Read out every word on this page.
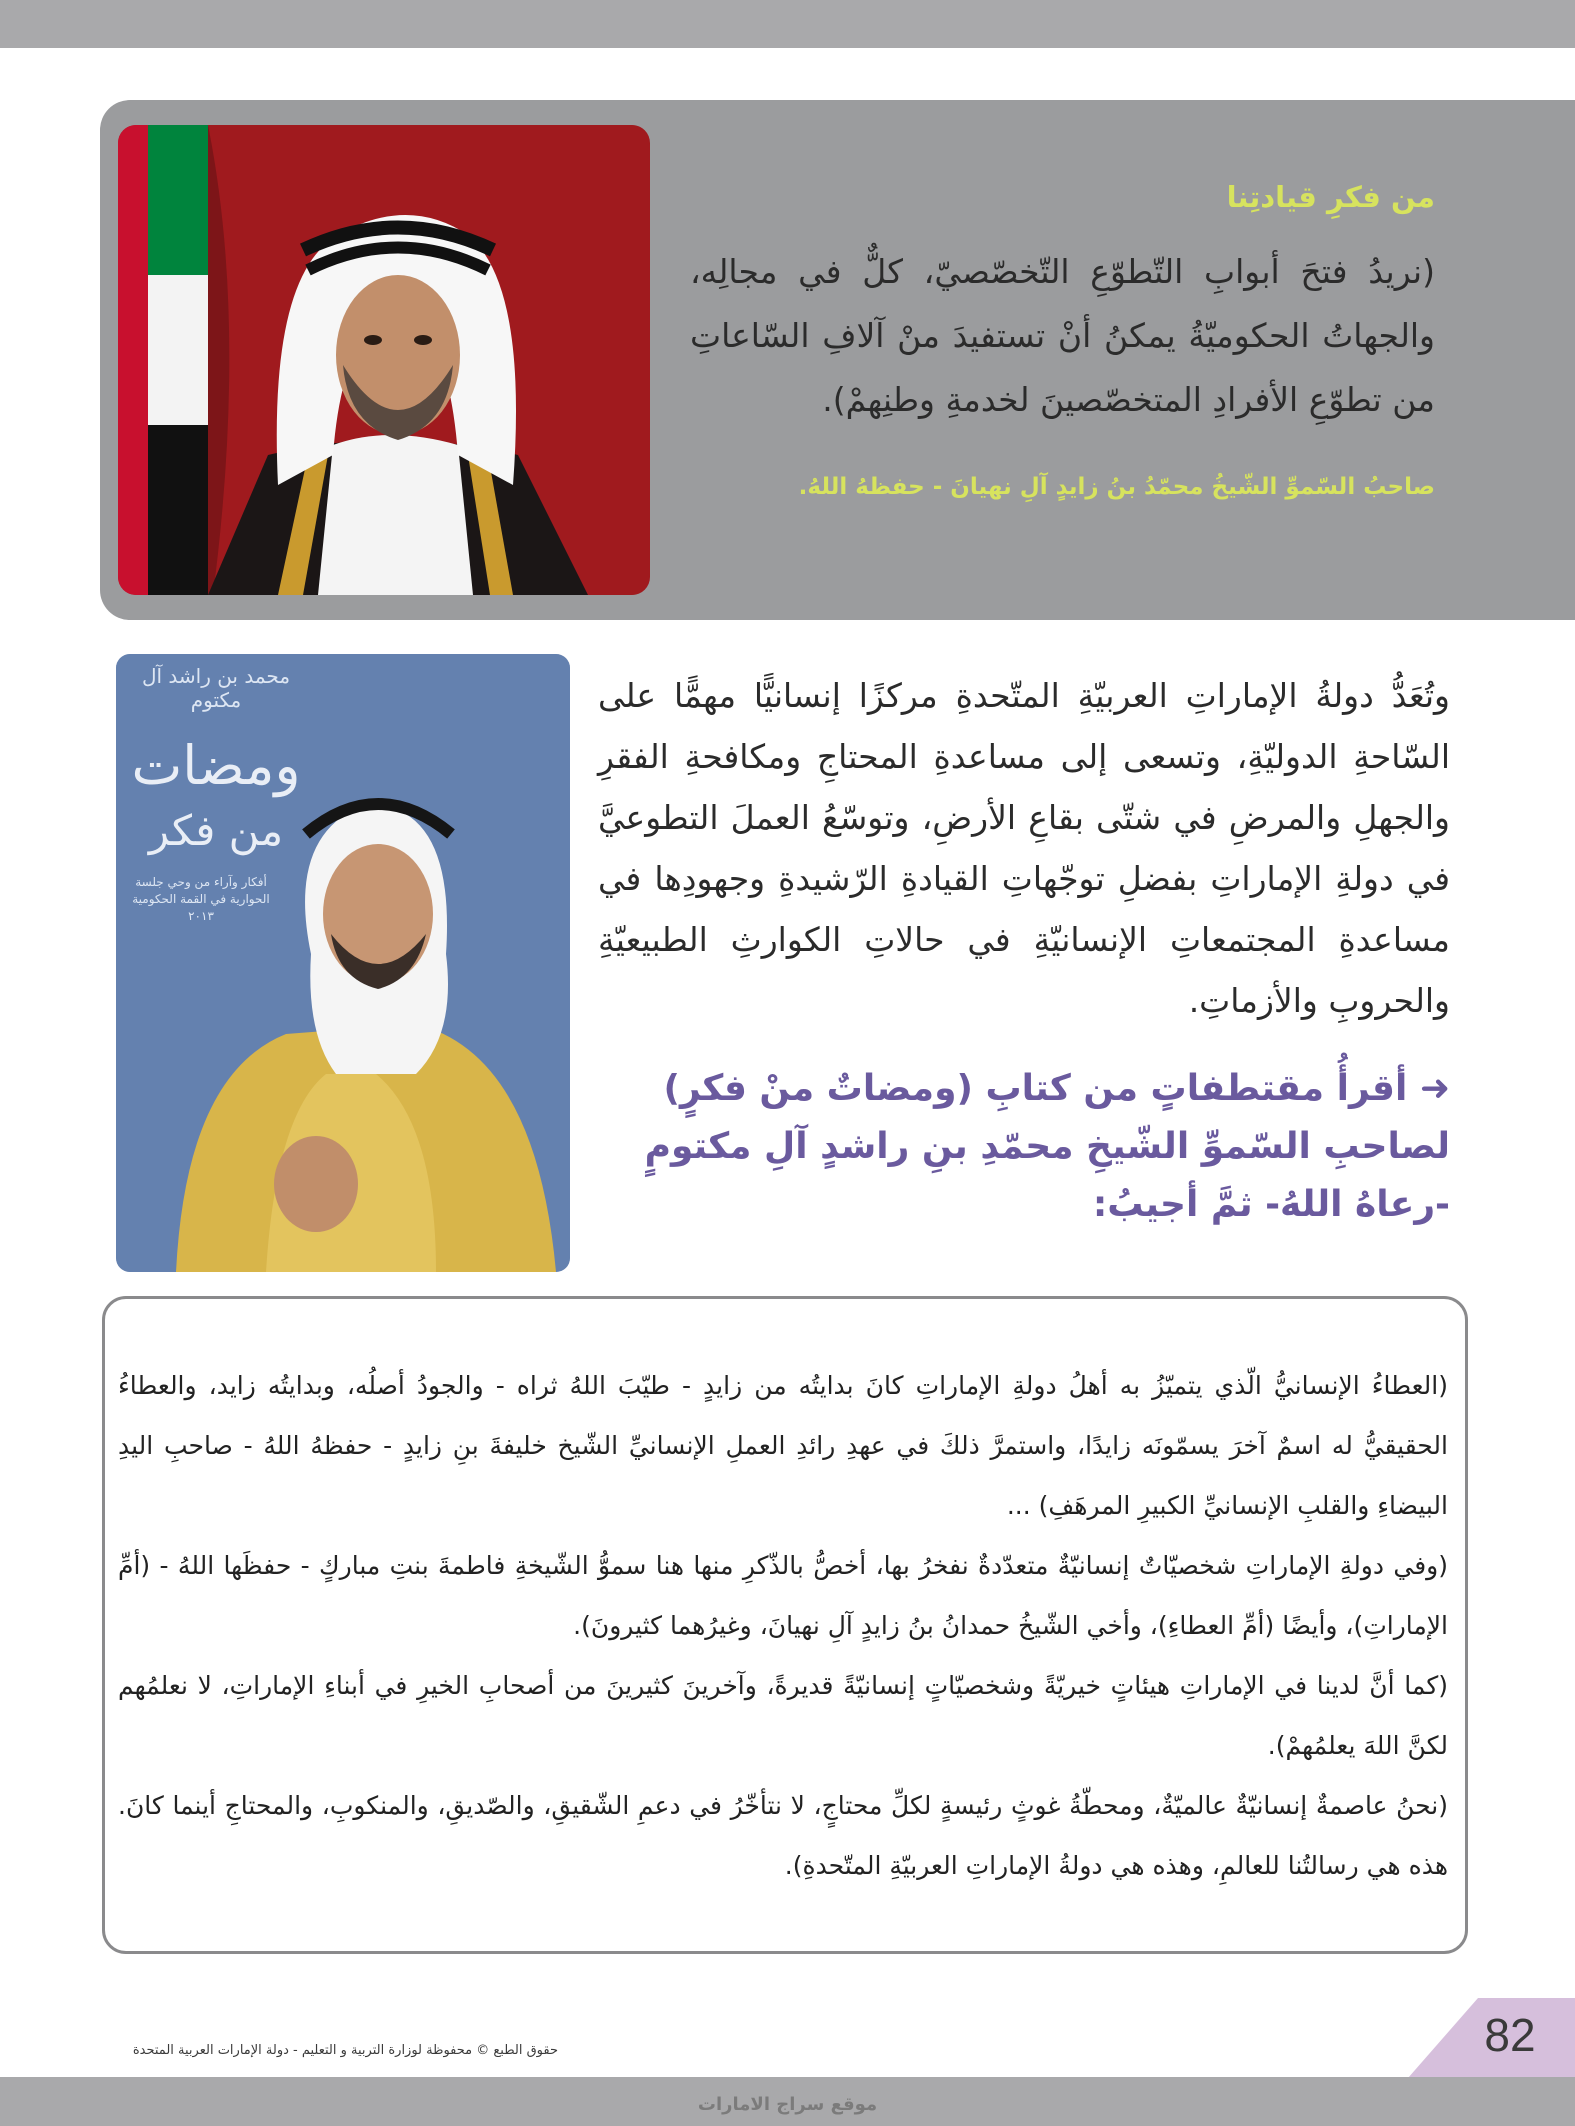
من فكرِ قيادتِنا

(نريدُ فتحَ أبوابِ التّطوّعِ التّخصّصيّ، كلٌّ في مجالِه، والجهاتُ الحكوميّةُ يمكنُ أنْ تستفيدَ منْ آلافِ السّاعاتِ من تطوّعِ الأفرادِ المتخصّصينَ لخدمةِ وطنِهمْ).

صاحبُ السّموِّ الشّيخُ محمّدُ بنُ زايدٍ آلِ نهيانَ - حفظهُ اللهُ.
محمد بن راشد آل مكتوم
ومضات
من فكر
أفكار وآراء من وحي جلسة الحوارية في القمة الحكومية ٢٠١٣

وتُعَدُّ دولةُ الإماراتِ العربيّةِ المتّحدةِ مركزًا إنسانيًّا مهمًّا على السّاحةِ الدوليّةِ، وتسعى إلى مساعدةِ المحتاجِ ومكافحةِ الفقرِ والجهلِ والمرضِ في شتّى بقاعِ الأرضِ، وتوسّعُ العملَ التطوعيَّ في دولةِ الإماراتِ بفضلِ توجّهاتِ القيادةِ الرّشيدةِ وجهودِها في مساعدةِ المجتمعاتِ الإنسانيّةِ في حالاتِ الكوارثِ الطبيعيّةِ والحروبِ والأزماتِ.

➜ أقرأُ مقتطفاتٍ من كتابِ (ومضاتٌ منْ فكرٍ) لصاحبِ السّموِّ الشّيخِ محمّدِ بنِ راشدٍ آلِ مكتومٍ -رعاهُ اللهُ- ثمَّ أجيبُ:

(العطاءُ الإنسانيُّ الّذي يتميّزُ به أهلُ دولةِ الإماراتِ كانَ بدايتُه من زايدٍ - طيّبَ اللهُ ثراه - والجودُ أصلُه، وبدايتُه زايد، والعطاءُ الحقيقيُّ له اسمٌ آخرَ يسمّونَه زايدًا، واستمرَّ ذلكَ في عهدِ رائدِ العملِ الإنسانيِّ الشّيخ خليفةَ بنِ زايدٍ - حفظهُ اللهُ - صاحبِ اليدِ البيضاءِ والقلبِ الإنسانيِّ الكبيرِ المرهَفِ) ...

(وفي دولةِ الإماراتِ شخصيّاتٌ إنسانيّةٌ متعدّدةٌ نفخرُ بها، أخصُّ بالذّكرِ منها هنا سموُّ الشّيخةِ فاطمةَ بنتِ مباركٍ - حفظَها اللهُ - (أمِّ الإماراتِ)، وأيضًا (أمِّ العطاءِ)، وأخي الشّيخُ حمدانُ بنُ زايدٍ آلِ نهيانَ، وغيرُهما كثيرونَ).

(كما أنَّ لدينا في الإماراتِ هيئاتٍ خيريّةً وشخصيّاتٍ إنسانيّةً قديرةً، وآخرينَ كثيرينَ من أصحابِ الخيرِ في أبناءِ الإماراتِ، لا نعلمُهم لكنَّ اللهَ يعلمُهمْ).

(نحنُ عاصمةٌ إنسانيّةٌ عالميّةٌ، ومحطّةُ غوثٍ رئيسةٍ لكلِّ محتاجٍ، لا نتأخّرُ في دعمِ الشّقيقِ، والصّديقِ، والمنكوبِ، والمحتاجِ أينما كانَ. هذه هي رسالتُنا للعالمِ، وهذه هي دولةُ الإماراتِ العربيّةِ المتّحدةِ).

حقوق الطبع © محفوظة لوزارة التربية و التعليم - دولة الإمارات العربية المتحدة	82
موقع سراج الامارات
